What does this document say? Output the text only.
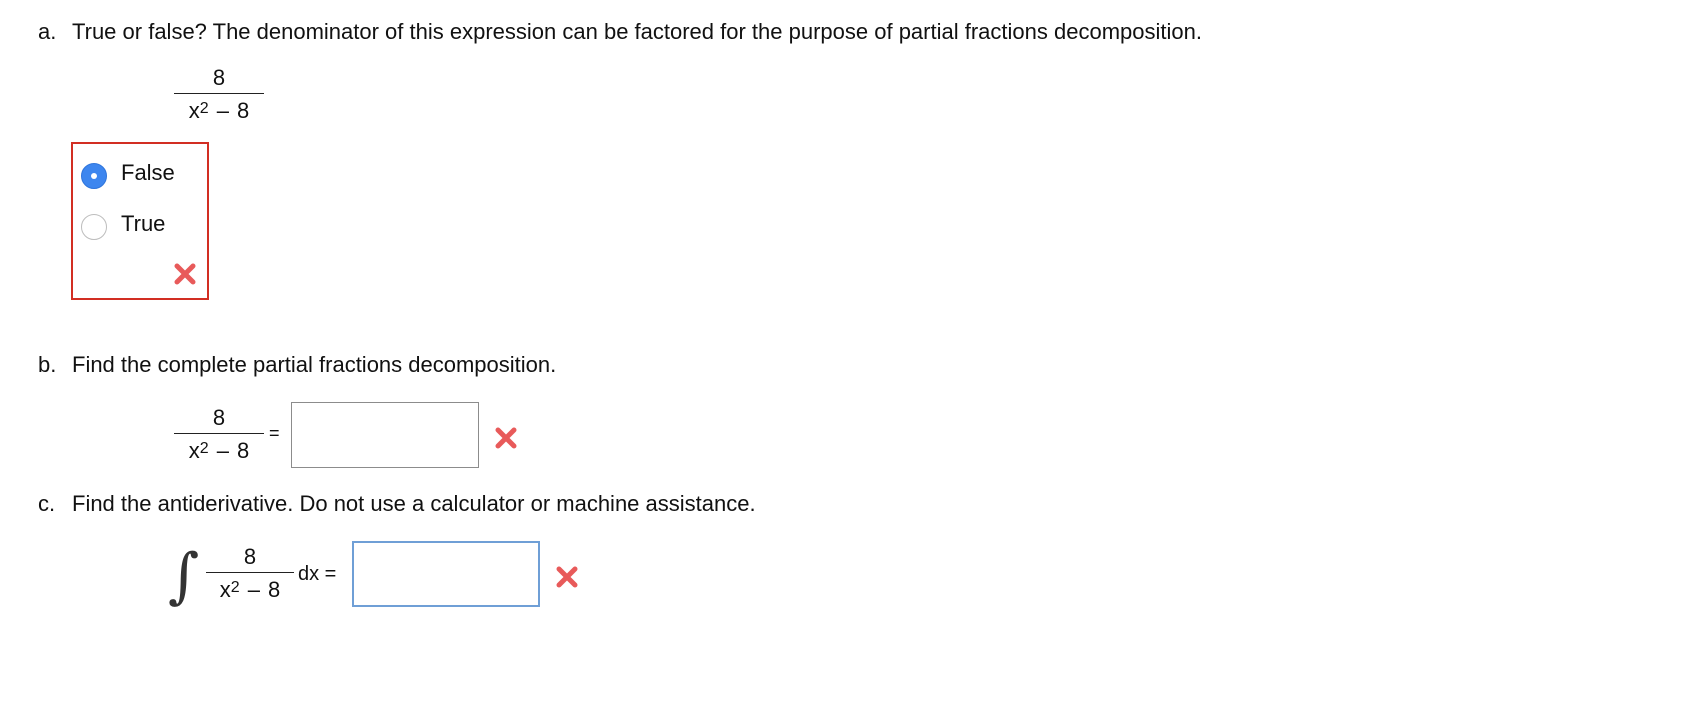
a. True or false? The denominator of this expression can be factored for the purpose of partial fractions decomposition.
8
$x^2 - 8$
False
True
b. Find the complete partial fractions decomposition.
8
$x^2 - 8$
=
c. Find the antiderivative. Do not use a calculator or machine assistance.
∫	8
$x^2 - 8$
dx =
